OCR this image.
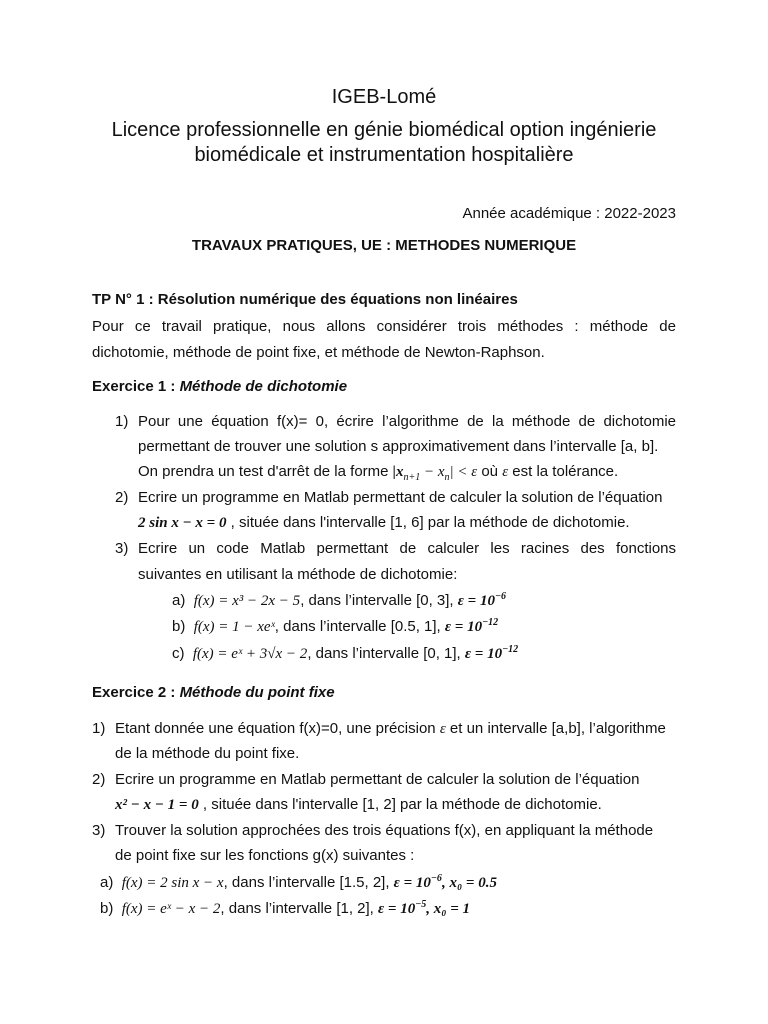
IGEB-Lomé
Licence professionnelle en génie biomédical option ingénierie
biomédicale et instrumentation hospitalière
Année académique : 2022-2023
TRAVAUX PRATIQUES, UE : METHODES NUMERIQUE
TP N° 1 : Résolution numérique des équations non linéaires
Pour ce travail pratique, nous allons considérer trois méthodes : méthode de
dichotomie, méthode de point fixe, et méthode de Newton-Raphson.
Exercice 1 : Méthode de dichotomie
1) Pour une équation f(x)= 0, écrire l’algorithme de la méthode de dichotomie
permettant de trouver une solution s approximativement dans l’intervalle [a, b].
On prendra un test d'arrêt de la forme $|x_{n+1} - x_n| < \varepsilon$ où ε est la tolérance.
2) Ecrire un programme en Matlab permettant de calculer la solution de l’équation
2 sin x − x = 0 , située dans l'intervalle [1, 6] par la méthode de dichotomie.
3) Ecrire un code Matlab permettant de calculer les racines des fonctions
suivantes en utilisant la méthode de dichotomie:
a) f(x) = x³ − 2x − 5, dans l’intervalle [0, 3], $\varepsilon = 10^{-6}$
b) f(x) = 1 − xeˣ, dans l’intervalle [0.5, 1], $\varepsilon = 10^{-12}$
c) f(x) = eˣ + 3√x − 2, dans l’intervalle [0, 1], $\varepsilon = 10^{-12}$
Exercice 2 : Méthode du point fixe
1) Etant donnée une équation f(x)=0, une précision ε et un intervalle [a,b], l’algorithme
de la méthode du point fixe.
2) Ecrire un programme en Matlab permettant de calculer la solution de l’équation
x² − x − 1 = 0 , située dans l'intervalle [1, 2] par la méthode de dichotomie.
3) Trouver la solution approchées des trois équations f(x), en appliquant la méthode
de point fixe sur les fonctions g(x) suivantes :
a) f(x) = 2 sin x − x, dans l’intervalle [1.5, 2], $\varepsilon = 10^{-6}$, x₀ = 0.5
b) f(x) = eˣ − x − 2, dans l’intervalle [1, 2], $\varepsilon = 10^{-5}$, x₀ = 1
